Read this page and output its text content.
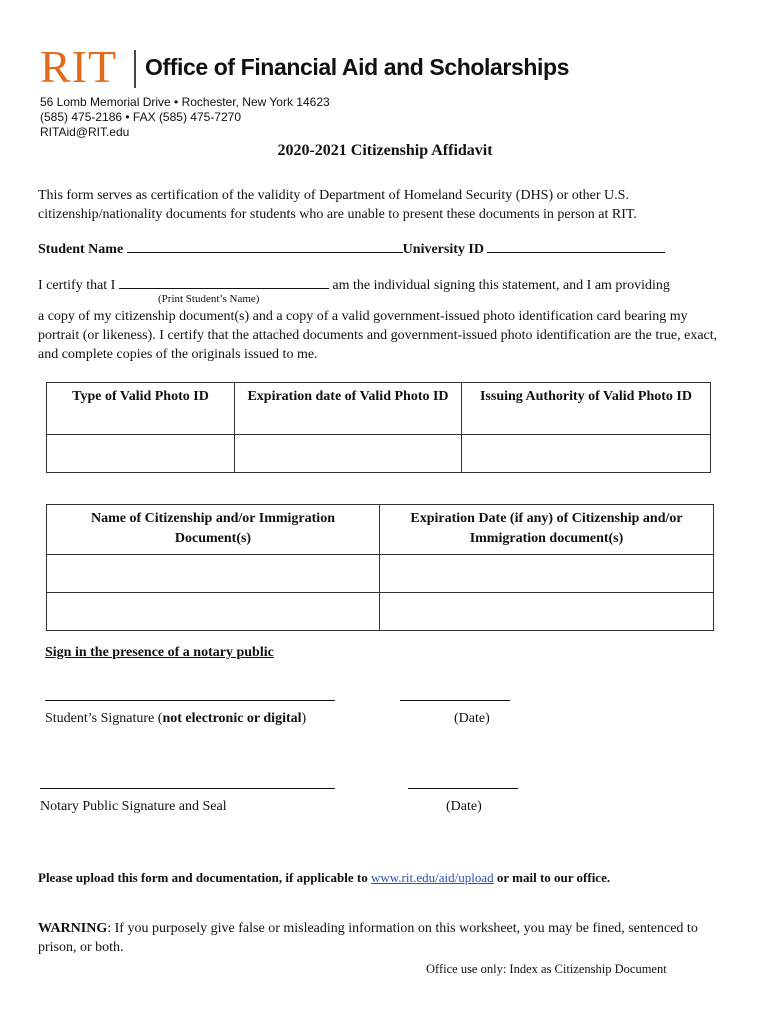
RIT Office of Financial Aid and Scholarships
56 Lomb Memorial Drive • Rochester, New York 14623
(585) 475-2186 • FAX (585) 475-7270
RITAid@RIT.edu
2020-2021 Citizenship Affidavit
This form serves as certification of the validity of Department of Homeland Security (DHS) or other U.S. citizenship/nationality documents for students who are unable to present these documents in person at RIT.
Student Name	University ID
I certify that I	am the individual signing this statement, and I am providing
(Print Student’s Name)
a copy of my citizenship document(s) and a copy of a valid government-issued photo identification card bearing my portrait (or likeness). I certify that the attached documents and government-issued photo identification are the true, exact, and complete copies of the originals issued to me.
Type of Valid Photo ID	Expiration date of Valid Photo ID	Issuing Authority of Valid Photo ID

Name of Citizenship and/or Immigration Document(s)	Expiration Date (if any) of Citizenship and/or Immigration document(s)

Sign in the presence of a notary public
Student’s Signature (not electronic or digital)	(Date)
Notary Public Signature and Seal	(Date)
Please upload this form and documentation, if applicable to www.rit.edu/aid/upload or mail to our office.
WARNING: If you purposely give false or misleading information on this worksheet, you may be fined, sentenced to prison, or both.
Office use only: Index as Citizenship Document
